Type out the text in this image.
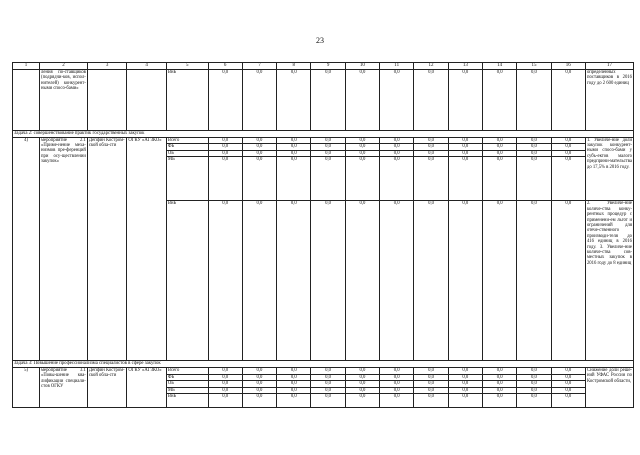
23
1	2	3	4	5	6	7	8	9	10	11	12	13	14	15	16	17
	ления по-ставщиков (подрядчи-ков, испол-нителей) конкурент-ными спосо-бами»			ВнБ	0,0	0,0	0,0	0,0	0,0	0,0	0,0	0,0	0,0	0,0	0,0	определенных поставщиков в 2016 году до 2 600 единиц
Задача 2: совершенствование практик государственных закупок																
4)	мероприятие 2.1 «Приме-нение меха-низмов пре-ференций при осу-ществлении закупок»	Депфин Костром-ской обла-сти	ОГКУ «АГЗКО»	Всего	0,0	0,0	0,0	0,0	0,0	0,0	0,0	0,0	0,0	0,0	0,0	1. Увеличе-ние доли закупок конкурент-ными спосо-бами у субъ-ектов малого предприни-мательства до 17,5% в 2016 году.
				ФБ	0,0	0,0	0,0	0,0	0,0	0,0	0,0	0,0	0,0	0,0	0,0	
				ОБ	0,0	0,0	0,0	0,0	0,0	0,0	0,0	0,0	0,0	0,0	0,0	
				МБ	0,0	0,0	0,0	0,0	0,0	0,0	0,0	0,0	0,0	0,0	0,0	
				ВнБ	0,0	0,0	0,0	0,0	0,0	0,0	0,0	0,0	0,0	0,0	0,0	2. Увеличе-ние количе-ства конку-рентных процедур с применени-ем льгот и ограничений для отече-ственного производи-теля до 416 единиц в 2016 году. 3. Увеличе-ние количе-ства сов-местных закупок в 2016 году до 8 единиц
Задача 3: Повышение профессионализма специалистов в сфере закупок																
5)	мероприятие 3.1 «Повы-шение ква-лификации специали-стов ОГКУ	Депфин Костром-ской обла-сти	ОГКУ «АГЗКО»	Всего	0,0	0,0	0,0	0,0	0,0	0,0	0,0	0,0	0,0	0,0	0,0	Снижение доли реше-ний УФАС России по Костромской области,
				ФБ	0,0	0,0	0,0	0,0	0,0	0,0	0,0	0,0	0,0	0,0	0,0	
				ОБ	0,0	0,0	0,0	0,0	0,0	0,0	0,0	0,0	0,0	0,0	0,0	
				МБ	0,0	0,0	0,0	0,0	0,0	0,0	0,0	0,0	0,0	0,0	0,0	
				ВнБ	0,0	0,0	0,0	0,0	0,0	0,0	0,0	0,0	0,0	0,0	0,0	
